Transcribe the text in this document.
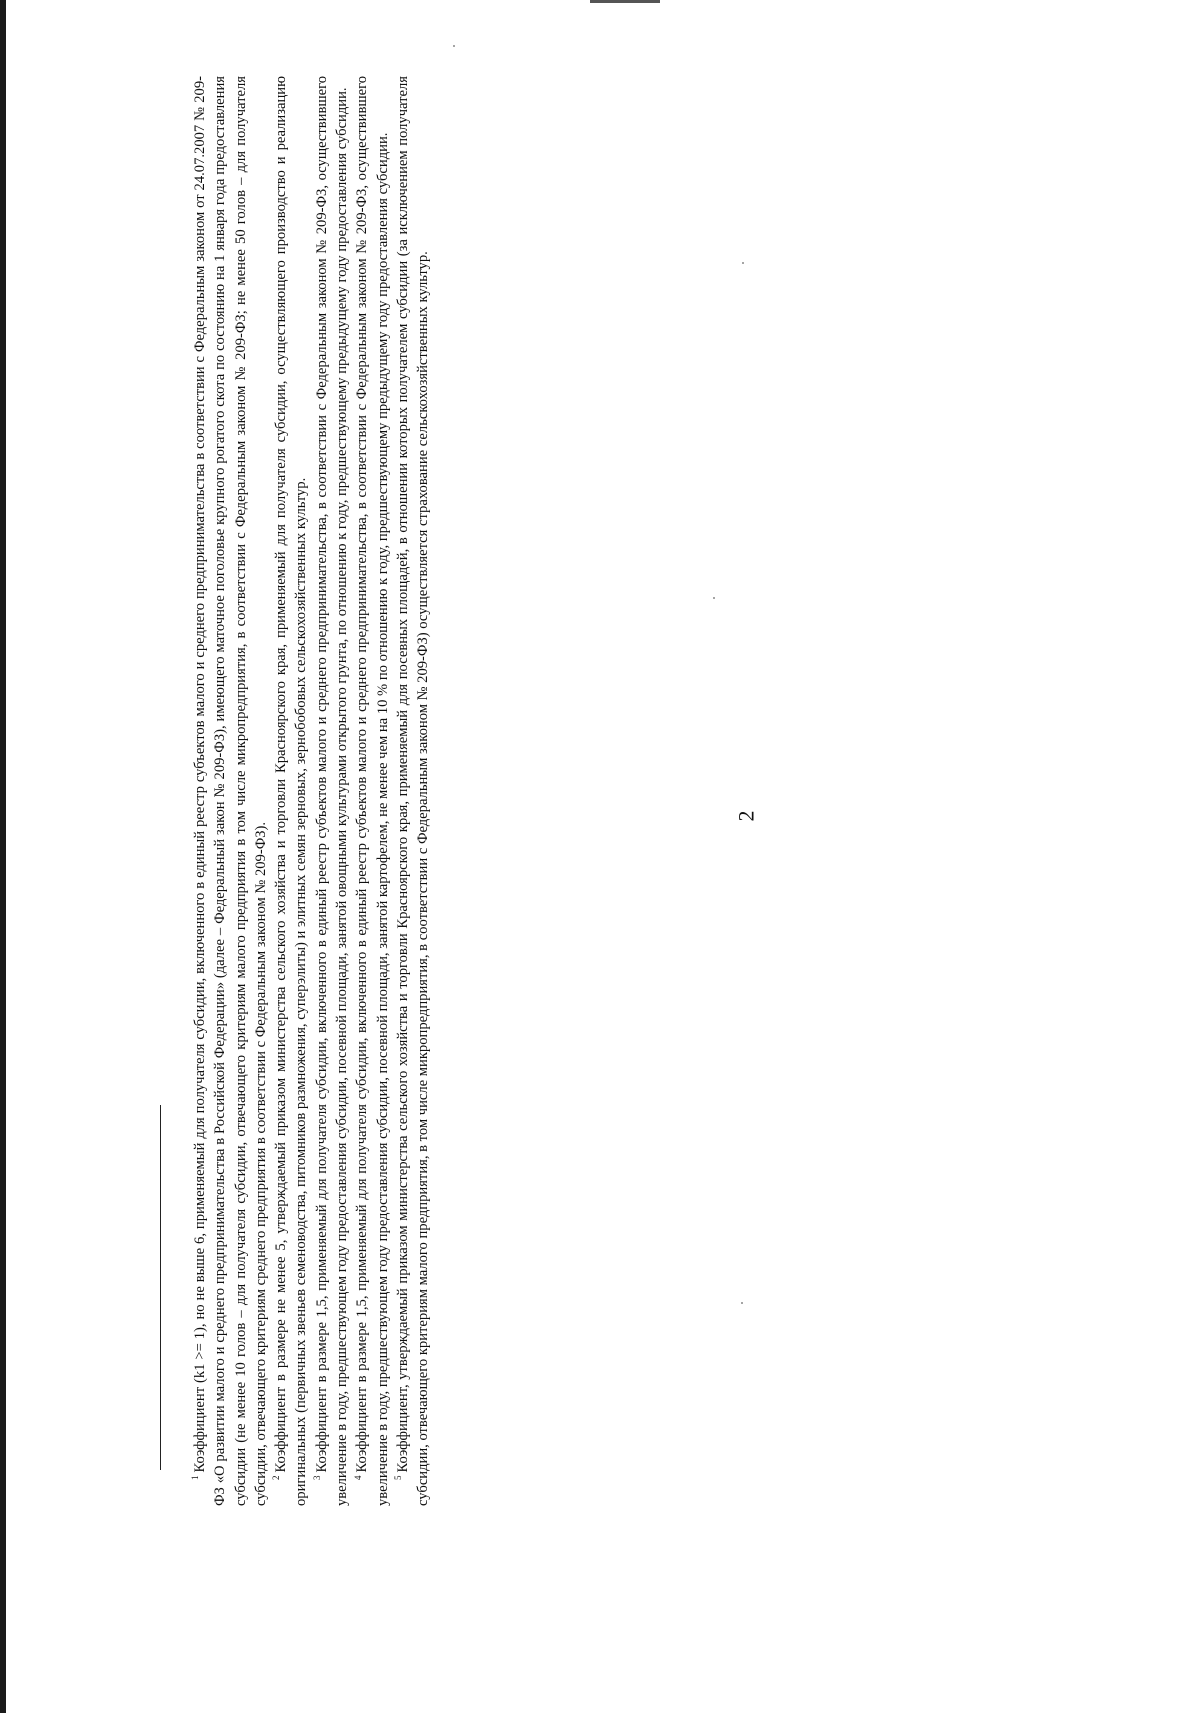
2

$^1$Коэффициент (k1 >= 1), но не выше 6, применяемый для получателя субсидии, включенного в единый реестр субъектов малого и среднего предпринимательства в соответствии с Федеральным законом от 24.07.2007 № 209-ФЗ «О развитии малого и среднего предпринимательства в Российской Федерации» (далее – Федеральный закон № 209-ФЗ), имеющего маточное поголовье крупного рогатого скота по состоянию на 1 января года предоставления субсидии (не менее 10 голов – для получателя субсидии, отвечающего критериям малого предприятия в том числе микропредприятия, в соответствии с Федеральным законом № 209-ФЗ; не менее 50 голов – для получателя субсидии, отвечающего критериям среднего предприятия в соответствии с Федеральным законом № 209-ФЗ). $^2$Коэффициент в размере не менее 5, утверждаемый приказом министерства сельского хозяйства и торговли Красноярского края, применяемый для получателя субсидии, осуществляющего производство и реализацию оригинальных (первичных звеньев семеноводства, питомников размножения, суперэлиты) и элитных семян зерновых, зернобобовых сельскохозяйственных культур. $^3$Коэффициент в размере 1,5, применяемый для получателя субсидии, включенного в единый реестр субъектов малого и среднего предпринимательства, в соответствии с Федеральным законом № 209-ФЗ, осуществившего увеличение в году, предшествующем году предоставления субсидии, посевной площади, занятой овощными культурами открытого грунта, по отношению к году, предшествующему предыдущему году предоставления субсидии. $^4$Коэффициент в размере 1,5, применяемый для получателя субсидии, включенного в единый реестр субъектов малого и среднего предпринимательства, в соответствии с Федеральным законом № 209-ФЗ, осуществившего увеличение в году, предшествующем году предоставления субсидии, посевной площади, занятой картофелем, не менее чем на 10 % по отношению к году, предшествующему предыдущему году предоставления субсидии. $^5$Коэффициент, утверждаемый приказом министерства сельского хозяйства и торговли Красноярского края, применяемый для посевных площадей, в отношении которых получателем субсидии (за исключением получателя субсидии, отвечающего критериям малого предприятия, в том числе микропредприятия, в соответствии с Федеральным законом № 209-ФЗ) осуществляется страхование сельскохозяйственных культур.
